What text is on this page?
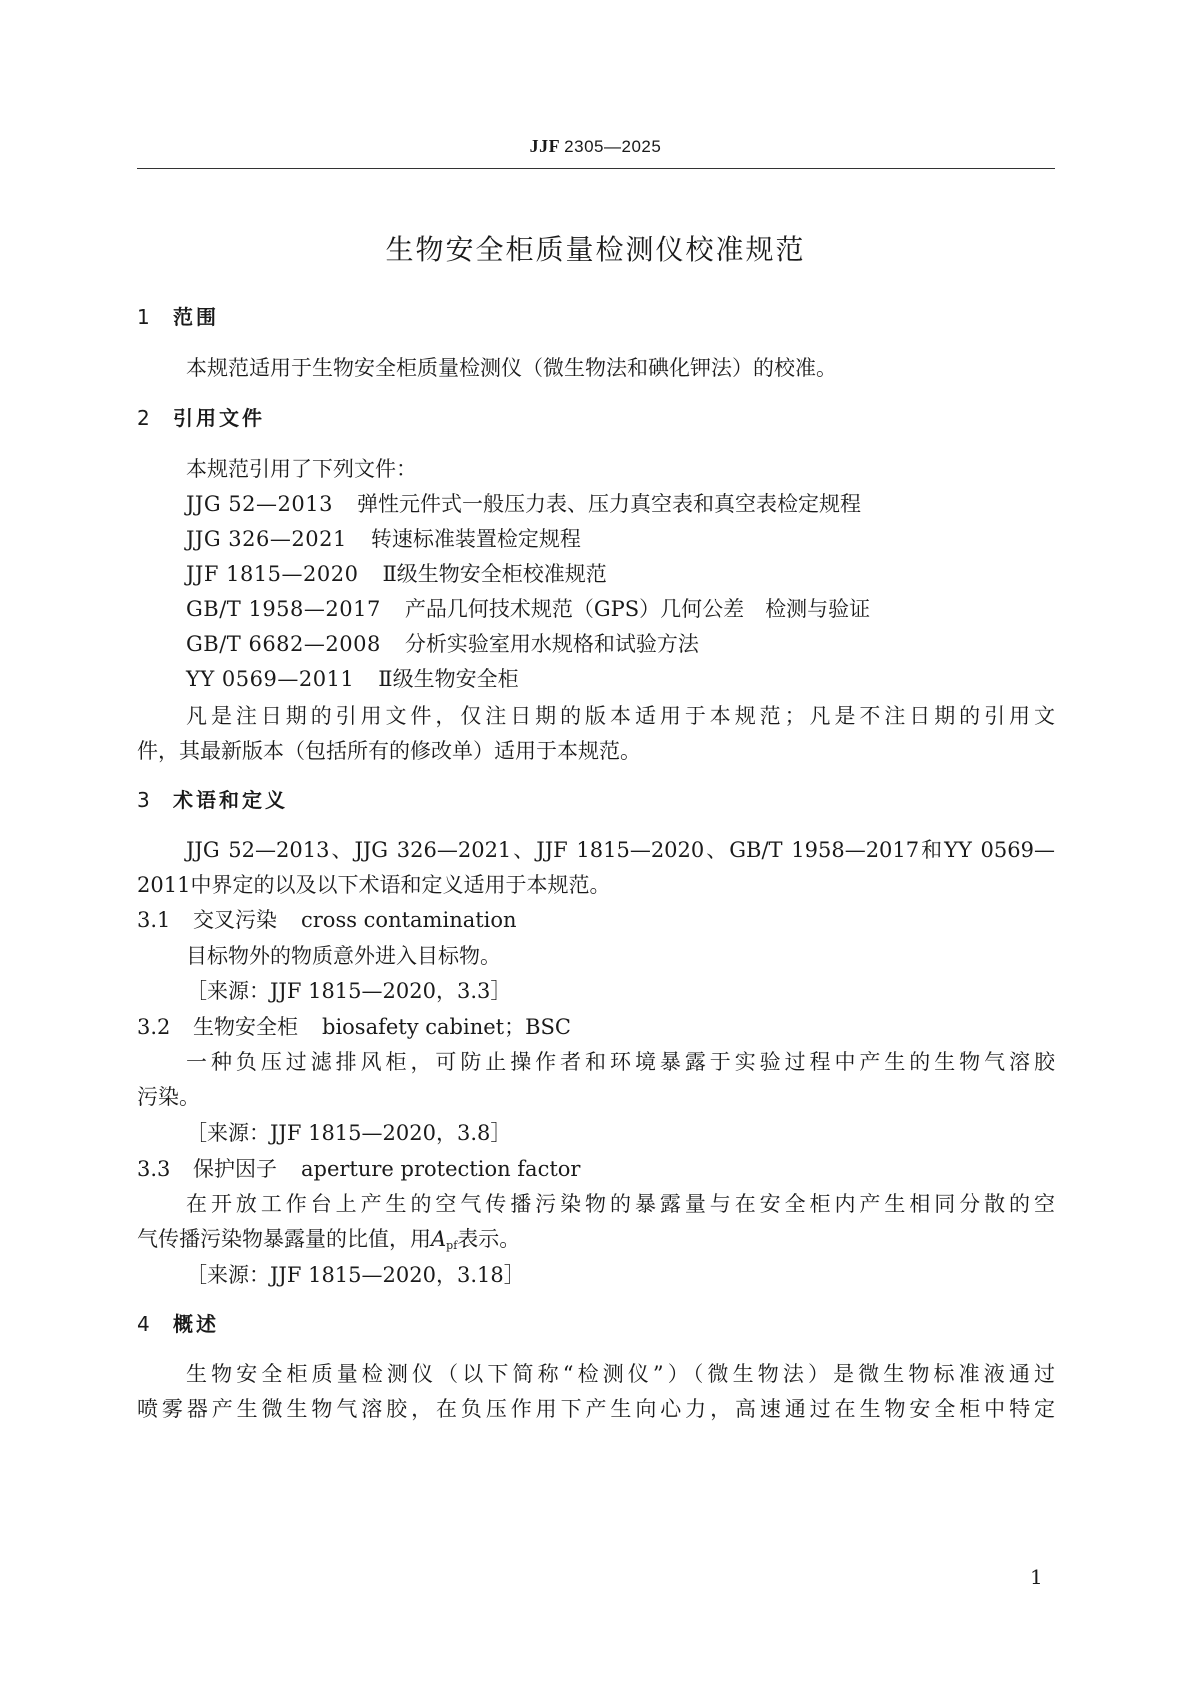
JJF 2305—2025
生物安全柜质量检测仪校准规范
1 范围
本规范适用于生物安全柜质量检测仪（微生物法和碘化钾法）的校准。
2 引用文件
本规范引用了下列文件：
JJG 52—2013 弹性元件式一般压力表、压力真空表和真空表检定规程
JJG 326—2021 转速标准装置检定规程
JJF 1815—2020 Ⅱ级生物安全柜校准规范
GB/T 1958—2017 产品几何技术规范（GPS）几何公差　检测与验证
GB/T 6682—2008 分析实验室用水规格和试验方法
YY 0569—2011 Ⅱ级生物安全柜
凡是注日期的引用文件，仅注日期的版本适用于本规范；凡是不注日期的引用文
件，其最新版本（包括所有的修改单）适用于本规范。
3 术语和定义
JJG 52—2013、JJG 326—2021、JJF 1815—2020、GB/T 1958—2017和YY 0569—
2011中界定的以及以下术语和定义适用于本规范。
3.1 交叉污染 cross contamination
目标物外的物质意外进入目标物。
［来源：JJF 1815—2020，3.3］
3.2 生物安全柜 biosafety cabinet；BSC
一种负压过滤排风柜，可防止操作者和环境暴露于实验过程中产生的生物气溶胶
污染。
［来源：JJF 1815—2020，3.8］
3.3 保护因子 aperture protection factor
在开放工作台上产生的空气传播污染物的暴露量与在安全柜内产生相同分散的空
气传播污染物暴露量的比值，用$A_{pf}$表示。
［来源：JJF 1815—2020，3.18］
4 概述
生物安全柜质量检测仪（以下简称“检测仪”）（微生物法）是微生物标准液通过
喷雾器产生微生物气溶胶，在负压作用下产生向心力，高速通过在生物安全柜中特定
1
